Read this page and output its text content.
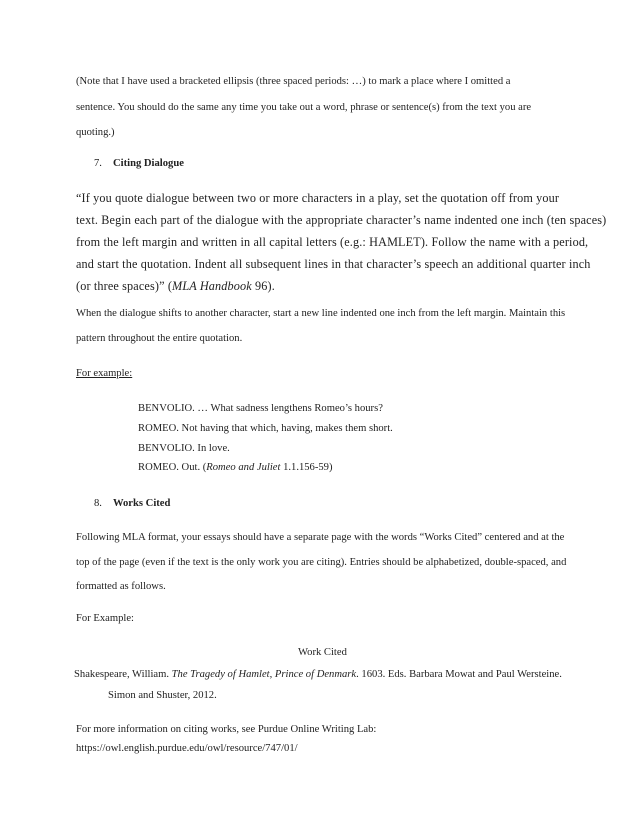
(Note that I have used a bracketed ellipsis (three spaced periods: …) to mark a place where I omitted a
sentence. You should do the same any time you take out a word, phrase or sentence(s) from the text you are
quoting.)
7. Citing Dialogue
“If you quote dialogue between two or more characters in a play, set the quotation off from your
text. Begin each part of the dialogue with the appropriate character’s name indented one inch (ten spaces)
from the left margin and written in all capital letters (e.g.: HAMLET). Follow the name with a period,
and start the quotation. Indent all subsequent lines in that character’s speech an additional quarter inch
(or three spaces)” (MLA Handbook 96).
When the dialogue shifts to another character, start a new line indented one inch from the left margin. Maintain this
pattern throughout the entire quotation.
For example:
BENVOLIO. … What sadness lengthens Romeo’s hours?
ROMEO. Not having that which, having, makes them short.
BENVOLIO. In love.
ROMEO. Out. (Romeo and Juliet 1.1.156-59)
8. Works Cited
Following MLA format, your essays should have a separate page with the words “Works Cited” centered and at the
top of the page (even if the text is the only work you are citing). Entries should be alphabetized, double-spaced, and
formatted as follows.
For Example:
Work Cited
Shakespeare, William. The Tragedy of Hamlet, Prince of Denmark. 1603. Eds. Barbara Mowat and Paul Wersteine.
Simon and Shuster, 2012.
For more information on citing works, see Purdue Online Writing Lab:
https://owl.english.purdue.edu/owl/resource/747/01/
